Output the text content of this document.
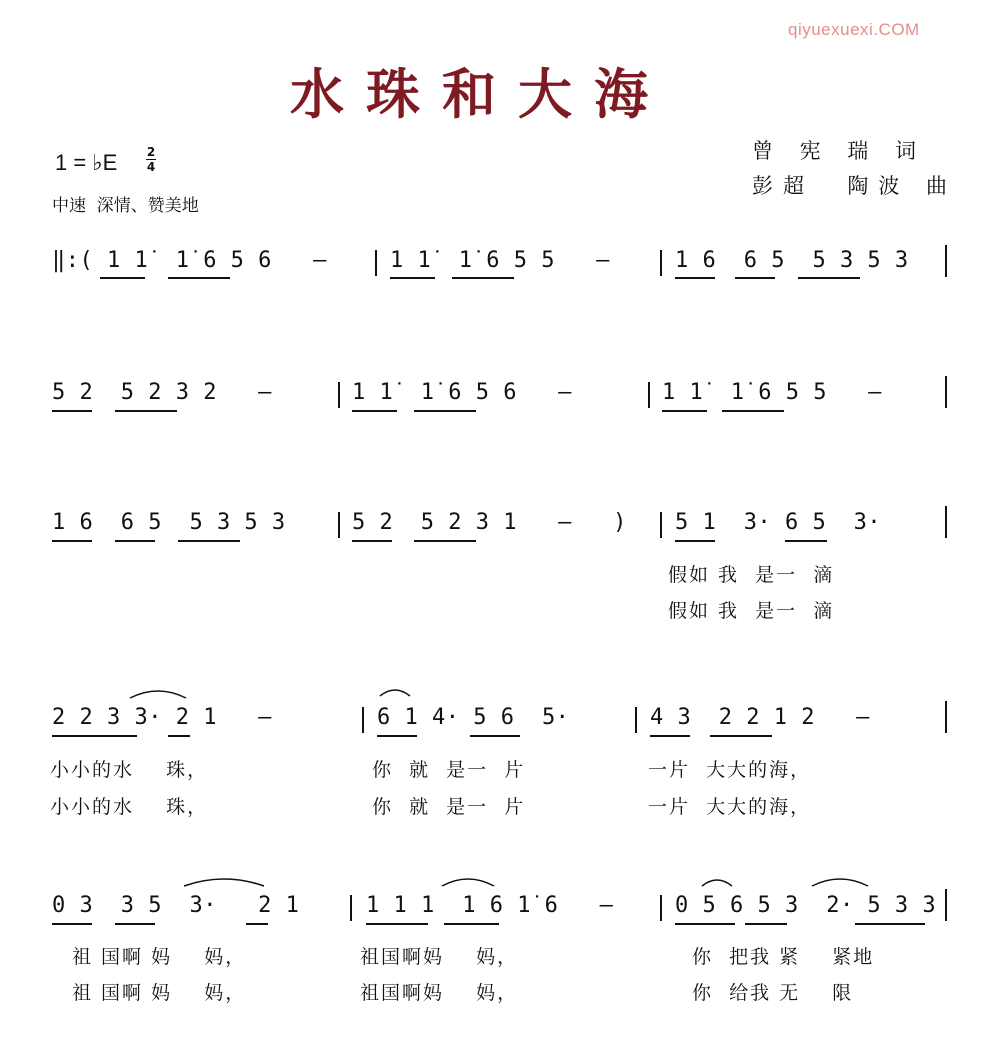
qiyuexuexi.COM
水珠和大海
1 = ♭E 2
4
中速  深情、赞美地
曾 宪 瑞 词
彭超  陶波 曲
‖:( 1 1̇  1̇ 6 5 6   –	1 1̇  1̇ 6 5 5   –	1 6  6 5  5 3 5 3
5 2  5 2 3 2   –	1 1̇  1̇ 6 5 6   –	1 1̇  1̇ 6 5 5   –
1 6  6 5  5 3 5 3	5 2  5 2 3 1   –   ) 5 1  3· 6 5  3·
假如 我  是一  滴
假如 我  是一  滴
2 2 3 3· 2 1   –	6 1 4· 5 6  5·	4 3  2 2 1 2   –
小小的水    珠，	你  就  是一  片	一片  大大的海，
小小的水    珠，	你  就  是一  片	一片  大大的海，
0 3  3 5  3·   2 1	1 1 1  1 6 1̇ 6   –	0 5 6 5 3  2· 5 3 3
祖 国啊 妈    妈，	祖国啊妈    妈，	你  把我 紧    紧地
祖 国啊 妈    妈，	祖国啊妈    妈，	你  给我 无    限
